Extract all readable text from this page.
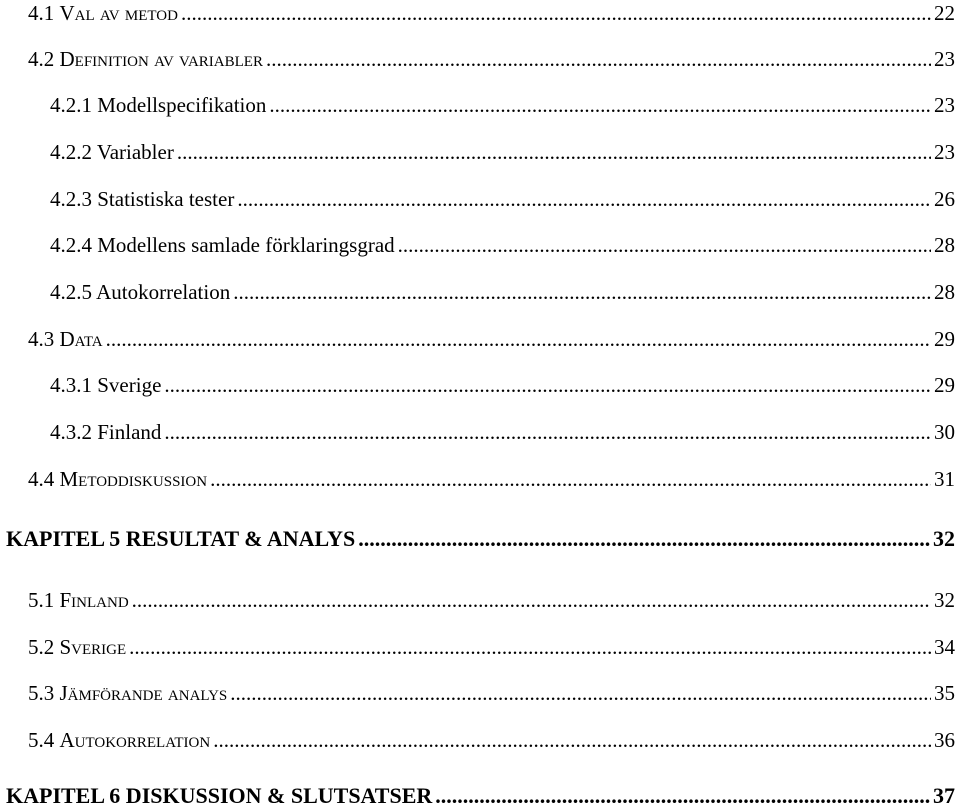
4.1 Val av metod .....	22
4.2 Definition av variabler .....	23
4.2.1 Modellspecifikation .....	23
4.2.2 Variabler .....	23
4.2.3 Statistiska tester .....	26
4.2.4 Modellens samlade förklaringsgrad .....	28
4.2.5 Autokorrelation .....	28
4.3 Data .....	29
4.3.1 Sverige .....	29
4.3.2 Finland .....	30
4.4 Metoddiskussion .....	31
KAPITEL 5 RESULTAT & ANALYS .....	32
5.1 Finland .....	32
5.2 Sverige .....	34
5.3 Jämförande analys .....	35
5.4 Autokorrelation .....	36
KAPITEL 6 DISKUSSION & SLUTSATSER .....	37
